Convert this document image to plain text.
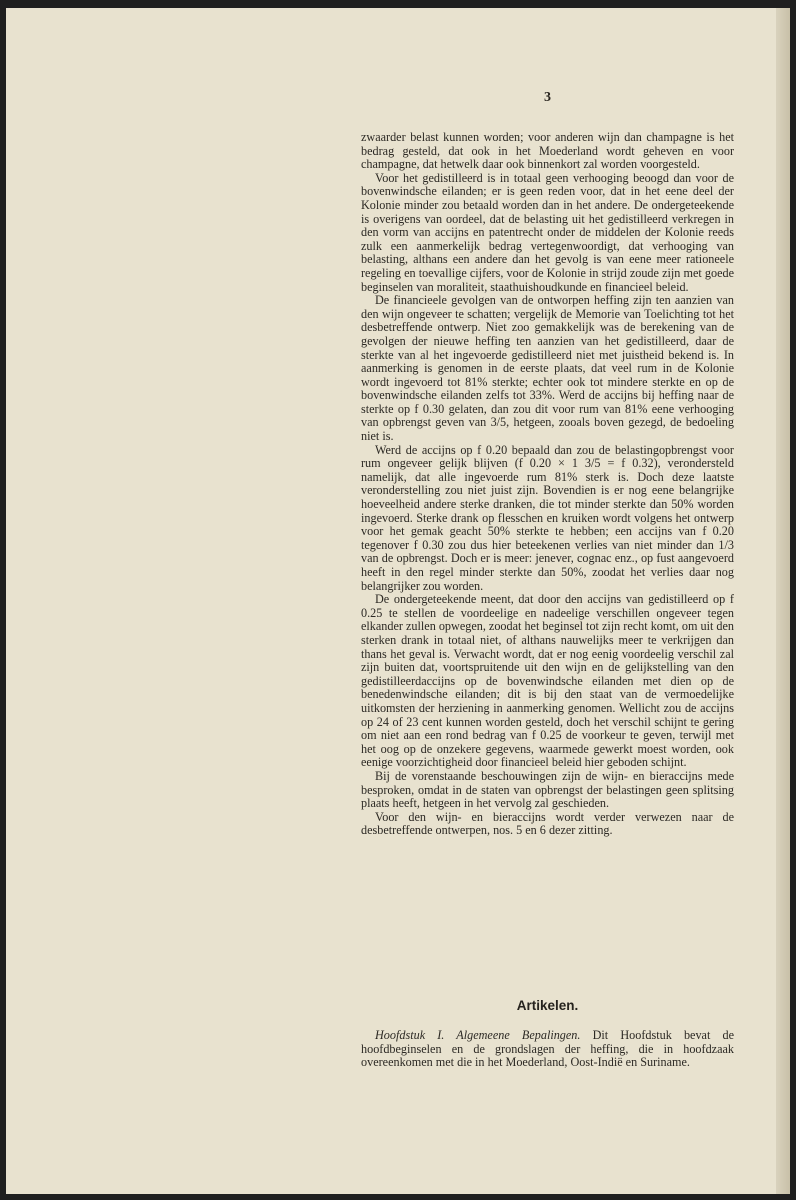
3

zwaarder belast kunnen worden; voor anderen wijn dan champagne is het bedrag gesteld, dat ook in het Moederland wordt geheven en voor champagne, dat hetwelk daar ook binnenkort zal worden voorgesteld.

Voor het gedistilleerd is in totaal geen verhooging beoogd dan voor de bovenwindsche eilanden; er is geen reden voor, dat in het eene deel der Kolonie minder zou betaald worden dan in het andere. De ondergeteekende is overigens van oordeel, dat de belasting uit het gedistilleerd verkregen in den vorm van accijns en patentrecht onder de middelen der Kolonie reeds zulk een aanmerkelijk bedrag vertegenwoordigt, dat verhooging van belasting, althans een andere dan het gevolg is van eene meer rationeele regeling en toevallige cijfers, voor de Kolonie in strijd zoude zijn met goede beginselen van moraliteit, staathuishoudkunde en financieel beleid.

De financieele gevolgen van de ontworpen heffing zijn ten aanzien van den wijn ongeveer te schatten; vergelijk de Memorie van Toelichting tot het desbetreffende ontwerp. Niet zoo gemakkelijk was de berekening van de gevolgen der nieuwe heffing ten aanzien van het gedistilleerd, daar de sterkte van al het ingevoerde gedistilleerd niet met juistheid bekend is. In aanmerking is genomen in de eerste plaats, dat veel rum in de Kolonie wordt ingevoerd tot 81% sterkte; echter ook tot mindere sterkte en op de bovenwindsche eilanden zelfs tot 33%. Werd de accijns bij heffing naar de sterkte op f 0.30 gelaten, dan zou dit voor rum van 81% eene verhooging van opbrengst geven van 3/5, hetgeen, zooals boven gezegd, de bedoeling niet is.

Werd de accijns op f 0.20 bepaald dan zou de belastingopbrengst voor rum ongeveer gelijk blijven (f 0.20 × 1 3/5 = f 0.32), verondersteld namelijk, dat alle ingevoerde rum 81% sterk is. Doch deze laatste veronderstelling zou niet juist zijn. Bovendien is er nog eene belangrijke hoeveelheid andere sterke dranken, die tot minder sterkte dan 50% worden ingevoerd. Sterke drank op flesschen en kruiken wordt volgens het ontwerp voor het gemak geacht 50% sterkte te hebben; een accijns van f 0.20 tegenover f 0.30 zou dus hier beteekenen verlies van niet minder dan 1/3 van de opbrengst. Doch er is meer: jenever, cognac enz., op fust aangevoerd heeft in den regel minder sterkte dan 50%, zoodat het verlies daar nog belangrijker zou worden.

De ondergeteekende meent, dat door den accijns van gedistilleerd op f 0.25 te stellen de voordeelige en nadeelige verschillen ongeveer tegen elkander zullen opwegen, zoodat het beginsel tot zijn recht komt, om uit den sterken drank in totaal niet, of althans nauwelijks meer te verkrijgen dan thans het geval is. Verwacht wordt, dat er nog eenig voordeelig verschil zal zijn buiten dat, voortspruitende uit den wijn en de gelijkstelling van den gedistilleerdaccijns op de bovenwindsche eilanden met dien op de benedenwindsche eilanden; dit is bij den staat van de vermoedelijke uitkomsten der herziening in aanmerking genomen. Wellicht zou de accijns op 24 of 23 cent kunnen worden gesteld, doch het verschil schijnt te gering om niet aan een rond bedrag van f 0.25 de voorkeur te geven, terwijl met het oog op de onzekere gegevens, waarmede gewerkt moest worden, ook eenige voorzichtigheid door financieel beleid hier geboden schijnt.

Bij de vorenstaande beschouwingen zijn de wijn- en bieraccijns mede besproken, omdat in de staten van opbrengst der belastingen geen splitsing plaats heeft, hetgeen in het vervolg zal geschieden.

Voor den wijn- en bieraccijns wordt verder verwezen naar de desbetreffende ontwerpen, nos. 5 en 6 dezer zitting.

Artikelen.

Hoofdstuk I. Algemeene Bepalingen. Dit Hoofdstuk bevat de hoofdbeginselen en de grondslagen der heffing, die in hoofdzaak overeenkomen met die in het Moederland, Oost-Indië en Suriname.
